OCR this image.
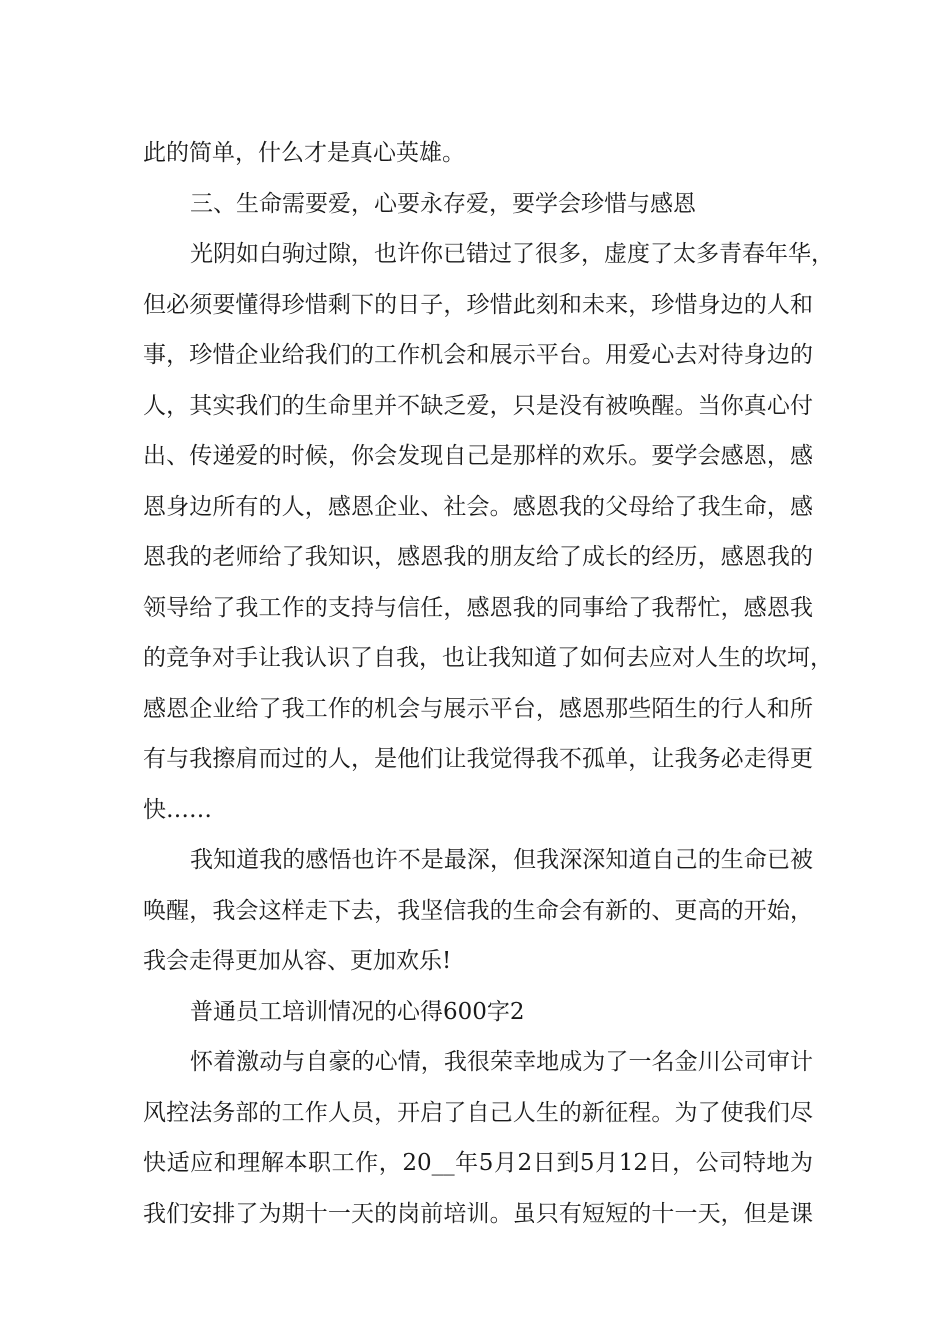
此的简单，什么才是真心英雄。
三、生命需要爱，心要永存爱，要学会珍惜与感恩
光阴如白驹过隙，也许你已错过了很多，虚度了太多青春年华，
但必须要懂得珍惜剩下的日子，珍惜此刻和未来，珍惜身边的人和
事，珍惜企业给我们的工作机会和展示平台。用爱心去对待身边的
人，其实我们的生命里并不缺乏爱，只是没有被唤醒。当你真心付
出、传递爱的时候，你会发现自己是那样的欢乐。要学会感恩，感
恩身边所有的人，感恩企业、社会。感恩我的父母给了我生命，感
恩我的老师给了我知识，感恩我的朋友给了成长的经历，感恩我的
领导给了我工作的支持与信任，感恩我的同事给了我帮忙，感恩我
的竞争对手让我认识了自我，也让我知道了如何去应对人生的坎坷，
感恩企业给了我工作的机会与展示平台，感恩那些陌生的行人和所
有与我擦肩而过的人，是他们让我觉得我不孤单，让我务必走得更
快……
我知道我的感悟也许不是最深，但我深深知道自己的生命已被
唤醒，我会这样走下去，我坚信我的生命会有新的、更高的开始，
我会走得更加从容、更加欢乐!
普通员工培训情况的心得600字2
怀着激动与自豪的心情，我很荣幸地成为了一名金川公司审计
风控法务部的工作人员，开启了自己人生的新征程。为了使我们尽
快适应和理解本职工作，20__年5月2日到5月12日，公司特地为
我们安排了为期十一天的岗前培训。虽只有短短的十一天，但是课
